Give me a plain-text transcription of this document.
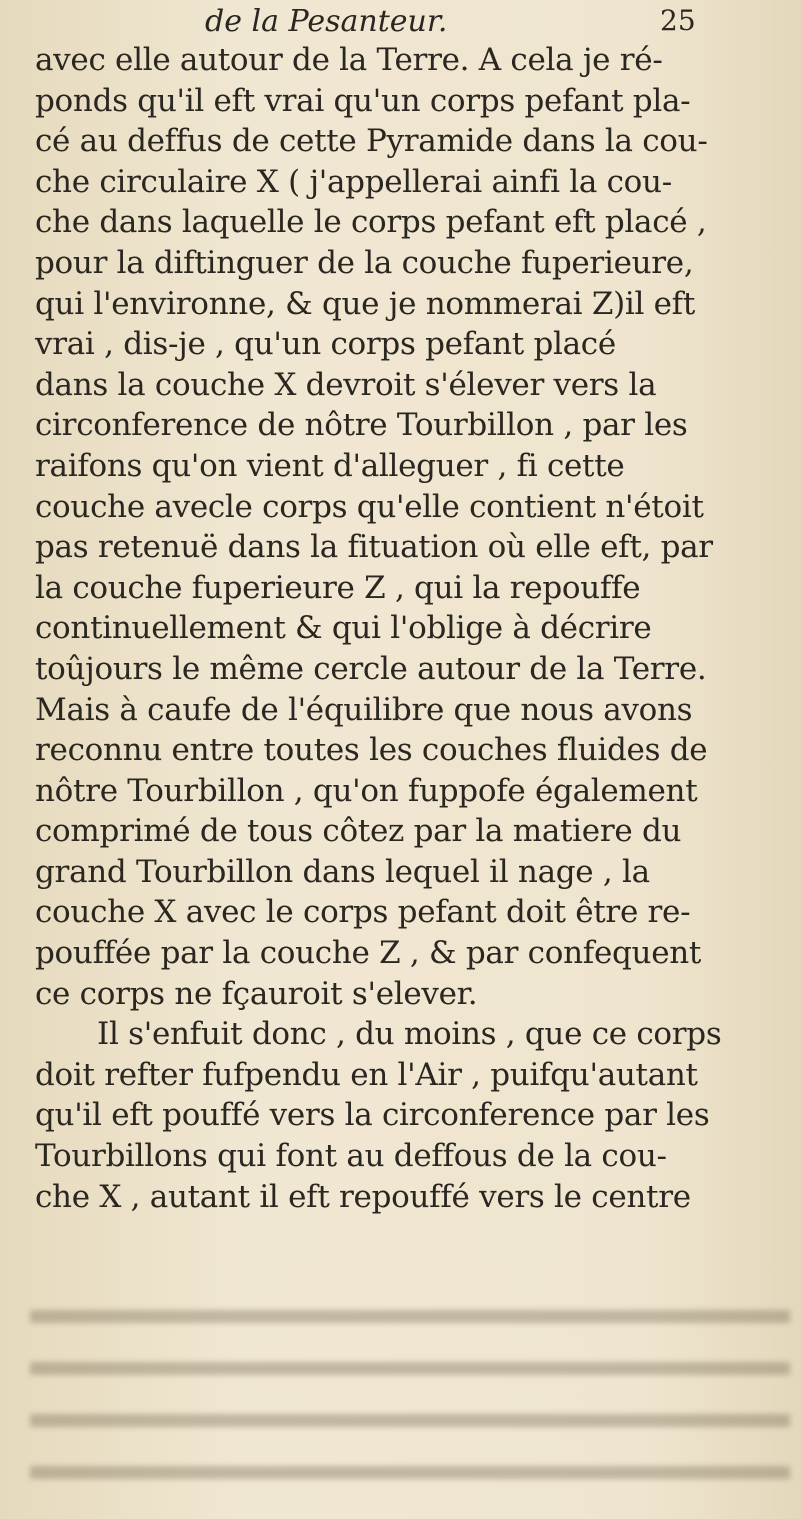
de la Pesanteur.	25
avec elle autour de la Terre. A cela je ré-
ponds qu'il eft vrai qu'un corps pefant pla-
cé au deffus de cette Pyramide dans la cou-
che circulaire X ( j'appellerai ainfi la cou-
che dans laquelle le corps pefant eft placé ,
pour la diftinguer de la couche fuperieure,
qui l'environne, & que je nommerai Z)il eft
vrai , dis-je , qu'un corps pefant placé
dans la couche X devroit s'élever vers la
circonference de nôtre Tourbillon , par les
raifons qu'on vient d'alleguer , fi cette
couche avecle corps qu'elle contient n'étoit
pas retenuë dans la fituation où elle eft, par
la couche fuperieure Z , qui la repouffe
continuellement & qui l'oblige à décrire
toûjours le même cercle autour de la Terre.
Mais à caufe de l'équilibre que nous avons
reconnu entre toutes les couches fluides de
nôtre Tourbillon , qu'on fuppofe également
comprimé de tous côtez par la matiere du
grand Tourbillon dans lequel il nage , la
couche X avec le corps pefant doit être re-
pouffée par la couche Z , & par confequent
ce corps ne fçauroit s'elever.
Il s'enfuit donc , du moins , que ce corps
doit refter fufpendu en l'Air , puifqu'autant
qu'il eft pouffé vers la circonference par les
Tourbillons qui font au deffous de la cou-
che X , autant il eft repouffé vers le centre
